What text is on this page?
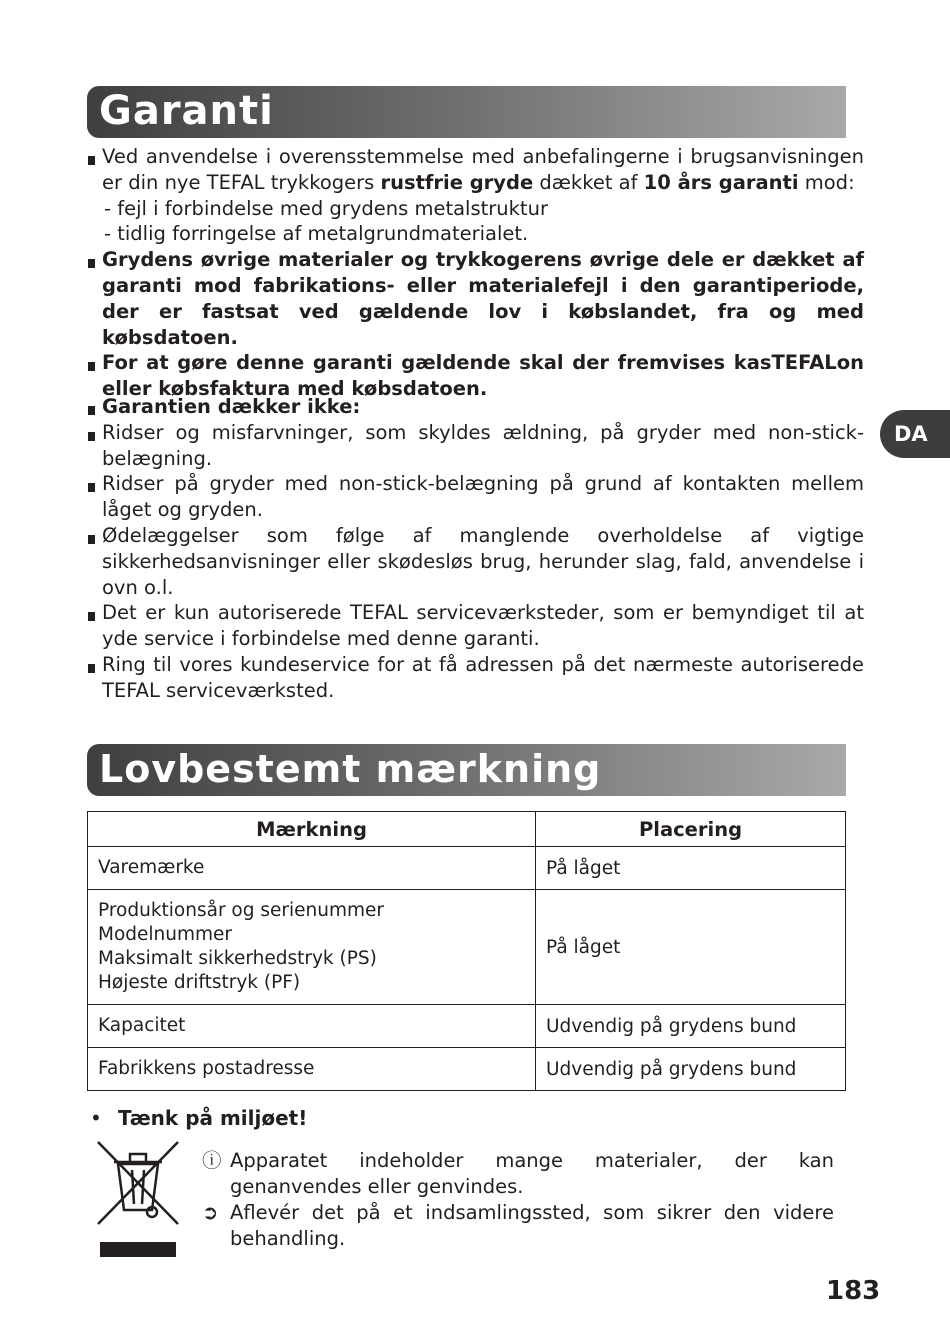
Garanti
Ved anvendelse i overensstemmelse med anbefalingerne i brugsanvisningen er din nye TEFAL trykkogers rustfrie gryde dækket af 10 års garanti mod:
- fejl i forbindelse med grydens metalstruktur
- tidlig forringelse af metalgrundmaterialet.
Grydens øvrige materialer og trykkogerens øvrige dele er dækket af garanti mod fabrikations- eller materialefejl i den garantiperiode, der er fastsat ved gældende lov i købslandet, fra og med købsdatoen.
For at gøre denne garanti gældende skal der fremvises kasTEFALon eller købsfaktura med købsdatoen.
Garantien dækker ikke:
Ridser og misfarvninger, som skyldes ældning, på gryder med non-stick-belægning.
Ridser på gryder med non-stick-belægning på grund af kontakten mellem låget og gryden.
Ødelæggelser som følge af manglende overholdelse af vigtige sikkerhedsanvisninger eller skødesløs brug, herunder slag, fald, anvendelse i ovn o.l.
Det er kun autoriserede TEFAL serviceværksteder, som er bemyndiget til at yde service i forbindelse med denne garanti.
Ring til vores kundeservice for at få adressen på det nærmeste autoriserede TEFAL serviceværksted.
DA
Lovbestemt mærkning
Mærkning	Placering

Varemærke	På låget

Produktionsår og serienummer
Modelnummer
Maksimalt sikkerhedstryk (PS)
Højeste driftstryk (PF)	På låget

Kapacitet	Udvendig på grydens bund

Fabrikkens postadresse	Udvendig på grydens bund
• Tænk på miljøet!
ⓘ Apparatet indeholder mange materialer, der kan genanvendes eller genvindes.
➲ Aflevér det på et indsamlingssted, som sikrer den videre behandling.
183
